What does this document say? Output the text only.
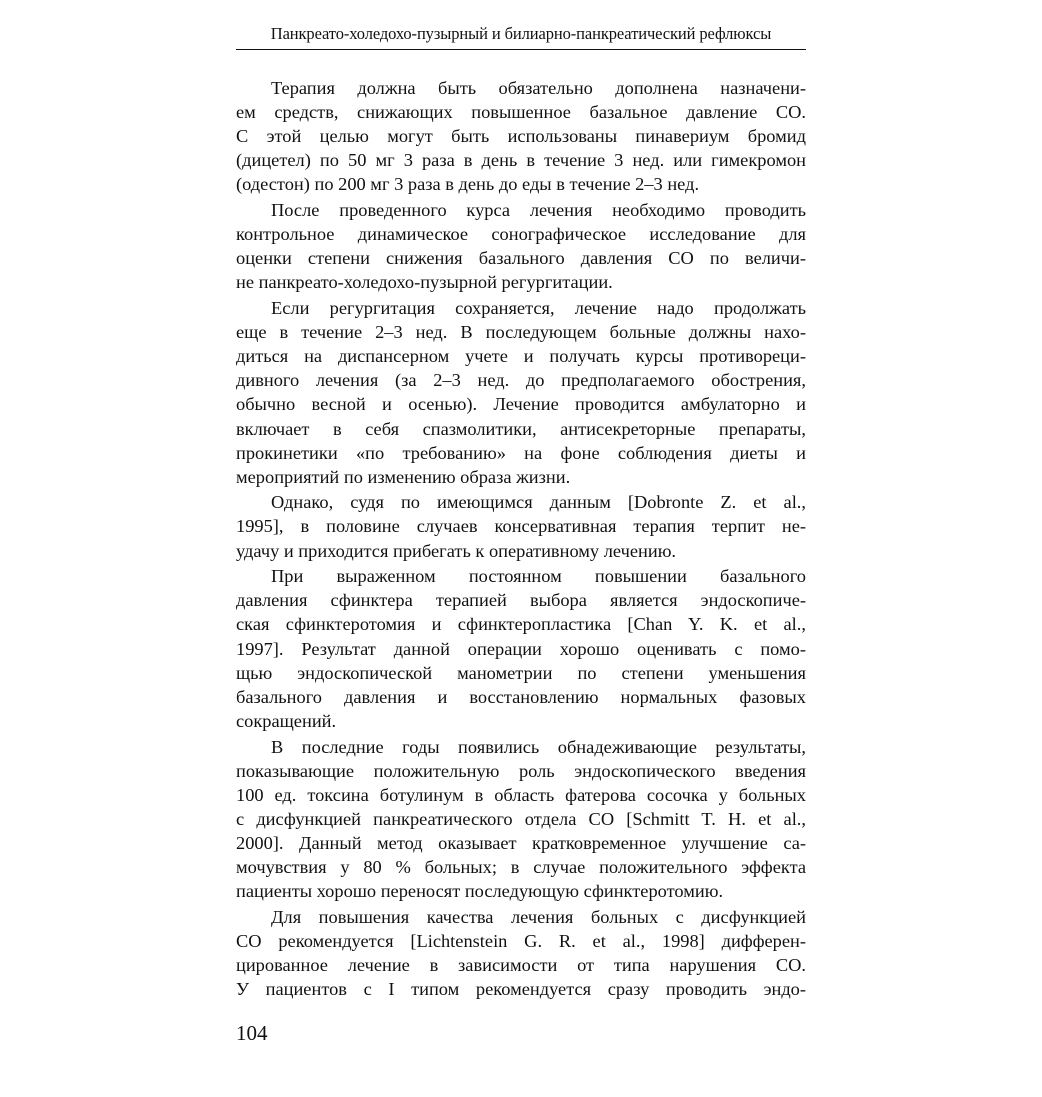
Панкреато-холедохо-пузырный и билиарно-панкреатический рефлюксы
Терапия должна быть обязательно дополнена назначени-
ем средств, снижающих повышенное базальное давление СО.
С этой целью могут быть использованы пинавериум бромид
(дицетел) по 50 мг 3 раза в день в течение 3 нед. или гимекромон
(одестон) по 200 мг 3 раза в день до еды в течение 2–3 нед.
После проведенного курса лечения необходимо проводить
контрольное динамическое сонографическое исследование для
оценки степени снижения базального давления СО по величи-
не панкреато-холедохо-пузырной регургитации.
Если регургитация сохраняется, лечение надо продолжать
еще в течение 2–3 нед. В последующем больные должны нахо-
диться на диспансерном учете и получать курсы противореци-
дивного лечения (за 2–3 нед. до предполагаемого обострения,
обычно весной и осенью). Лечение проводится амбулаторно и
включает в себя спазмолитики, антисекреторные препараты,
прокинетики «по требованию» на фоне соблюдения диеты и
мероприятий по изменению образа жизни.
Однако, судя по имеющимся данным [Dobronte Z. et al.,
1995], в половине случаев консервативная терапия терпит не-
удачу и приходится прибегать к оперативному лечению.
При выраженном постоянном повышении базального
давления сфинктера терапией выбора является эндоскопиче-
ская сфинктеротомия и сфинктеропластика [Chan Y. K. et al.,
1997]. Результат данной операции хорошо оценивать с помо-
щью эндоскопической манометрии по степени уменьшения
базального давления и восстановлению нормальных фазовых
сокращений.
В последние годы появились обнадеживающие результаты,
показывающие положительную роль эндоскопического введения
100 ед. токсина ботулинум в область фатерова сосочка у больных
с дисфункцией панкреатического отдела СО [Schmitt T. H. et al.,
2000]. Данный метод оказывает кратковременное улучшение са-
мочувствия у 80 % больных; в случае положительного эффекта
пациенты хорошо переносят последующую сфинктеротомию.
Для повышения качества лечения больных с дисфункцией
СО рекомендуется [Lichtenstein G. R. et al., 1998] дифферен-
цированное лечение в зависимости от типа нарушения СО.
У пациентов с I типом рекомендуется сразу проводить эндо-
104
